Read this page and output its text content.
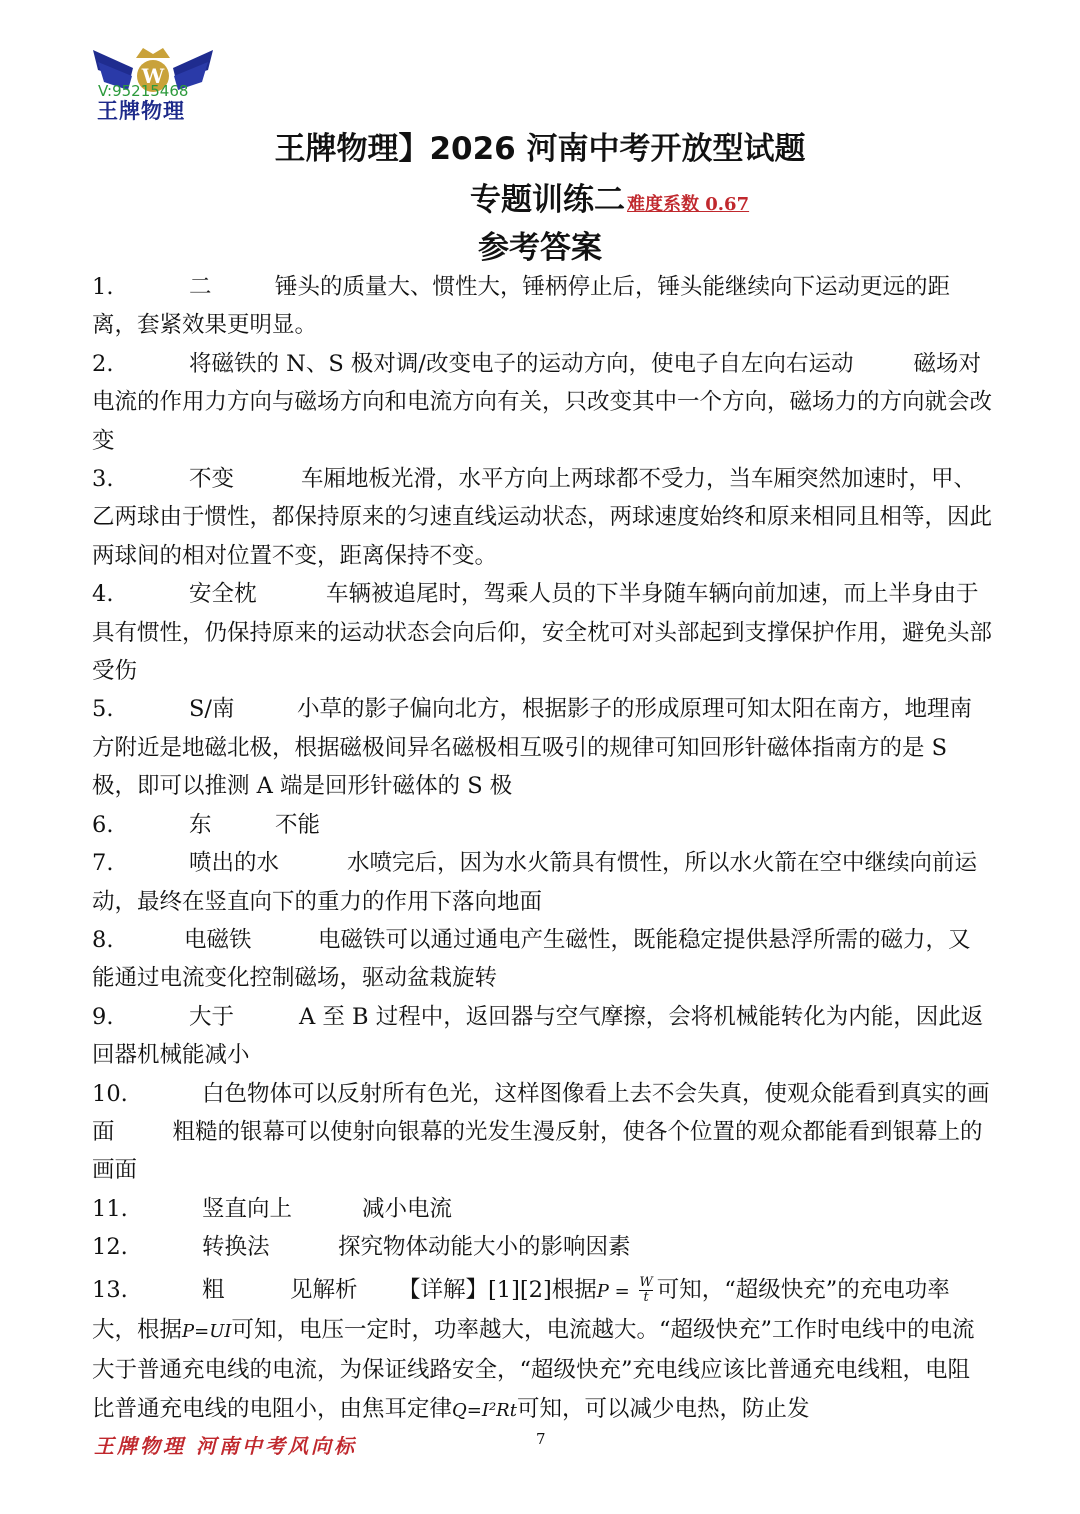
W
V:95215468
王牌物理
王牌物理】2026 河南中考开放型试题
专题训练二 难度系数 0.67
参考答案

1.	二	锤头的质量大、惯性大，锤柄停止后，锤头能继续向下运动更远的距离，套紧效果更明显。

2.	将磁铁的 N、S 极对调/改变电子的运动方向，使电子自左向右运动	磁场对电流的作用力方向与磁场方向和电流方向有关，只改变其中一个方向，磁场力的方向就会改变

3.	不变	车厢地板光滑，水平方向上两球都不受力，当车厢突然加速时，甲、乙两球由于惯性，都保持原来的匀速直线运动状态，两球速度始终和原来相同且相等，因此两球间的相对位置不变，距离保持不变。

4.	安全枕	车辆被追尾时，驾乘人员的下半身随车辆向前加速，而上半身由于具有惯性，仍保持原来的运动状态会向后仰，安全枕可对头部起到支撑保护作用，避免头部受伤

5.	S/南	小草的影子偏向北方，根据影子的形成原理可知太阳在南方，地理南方附近是地磁北极，根据磁极间异名磁极相互吸引的规律可知回形针磁体指南方的是 S 极，即可以推测 A 端是回形针磁体的 S 极

6.	东	不能

7.	喷出的水	水喷完后，因为水火箭具有惯性，所以水火箭在空中继续向前运动，最终在竖直向下的重力的作用下落向地面

8.	电磁铁	电磁铁可以通过通电产生磁性，既能稳定提供悬浮所需的磁力，又能通过电流变化控制磁场，驱动盆栽旋转

9.	大于	A 至 B 过程中，返回器与空气摩擦，会将机械能转化为内能，因此返回器机械能减小

10.	白色物体可以反射所有色光，这样图像看上去不会失真，使观众能看到真实的画面	粗糙的银幕可以使射向银幕的光发生漫反射，使各个位置的观众都能看到银幕上的画面

11.	竖直向上	减小电流

12.	转换法	探究物体动能大小的影响因素

13.	粗	见解析 【详解】[1][2]根据$P = \frac{W}{t}$ 可知，“超级快充”的充电功率大，根据P=UI可知，电压一定时，功率越大，电流越大。“超级快充”工作时电线中的电流大于普通充电线的电流，为保证线路安全，“超级快充”充电线应该比普通充电线粗，电阻比普通充电线的电阻小，由焦耳定律Q=I²Rt可知，可以减少电热，防止发

王牌物理 河南中考风向标	7
